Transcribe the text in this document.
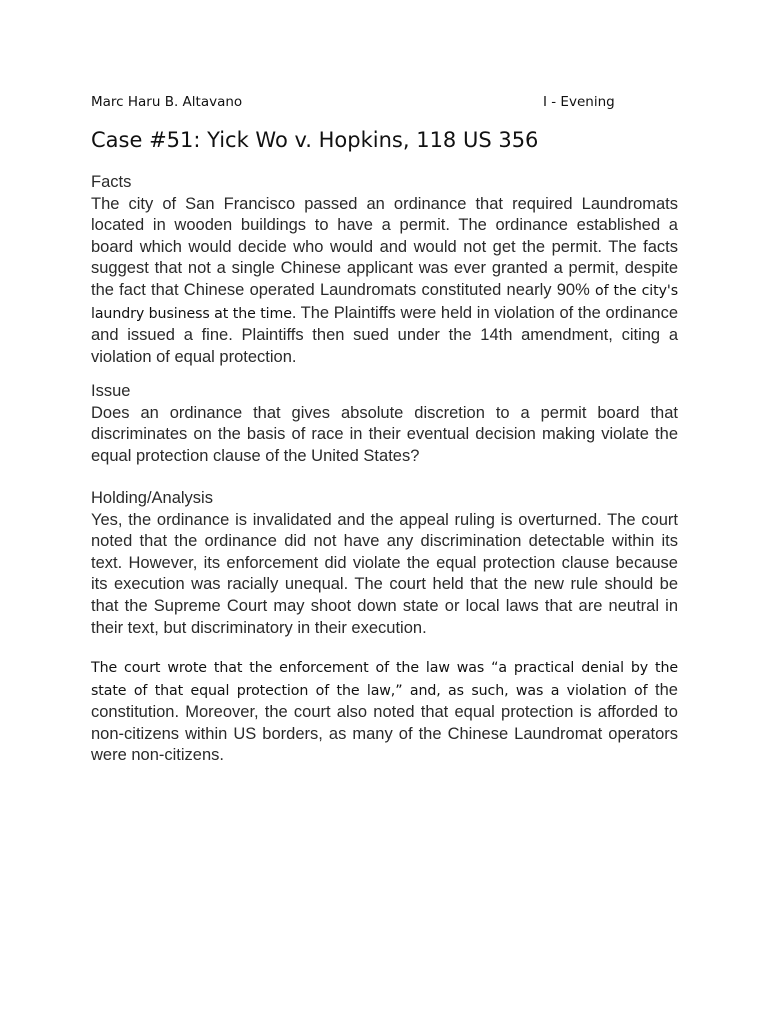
Marc Haru B. Altavano	I - Evening
Case #51: Yick Wo v. Hopkins, 118 US 356
Facts

The city of San Francisco passed an ordinance that required Laundromats located in wooden buildings to have a permit. The ordinance established a board which would decide who would and would not get the permit. The facts suggest that not a single Chinese applicant was ever granted a permit, despite the fact that Chinese operated Laundromats constituted nearly 90% of the city's laundry business at the time. The Plaintiffs were held in violation of the ordinance and issued a fine. Plaintiffs then sued under the 14th amendment, citing a violation of equal protection.

Issue

Does an ordinance that gives absolute discretion to a permit board that discriminates on the basis of race in their eventual decision making violate the equal protection clause of the United States?

Holding/Analysis

Yes, the ordinance is invalidated and the appeal ruling is overturned. The court noted that the ordinance did not have any discrimination detectable within its text. However, its enforcement did violate the equal protection clause because its execution was racially unequal. The court held that the new rule should be that the Supreme Court may shoot down state or local laws that are neutral in their text, but discriminatory in their execution.

The court wrote that the enforcement of the law was “a practical denial by the state of that equal protection of the law,” and, as such, was a violation of the constitution. Moreover, the court also noted that equal protection is afforded to non-citizens within US borders, as many of the Chinese Laundromat operators were non-citizens.
